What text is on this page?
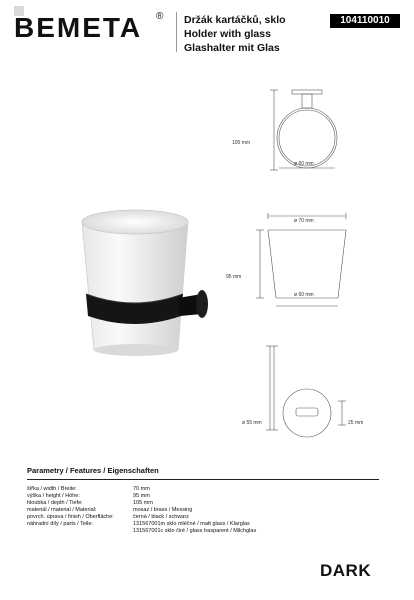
BEMETA ® Držák kartáčků, sklo
Holder with glass
Glashalter mit Glas
104110010
105 mm
ø 60 mm
ø 70 mm
95 mm
ø 60 mm
ø 55 mm	25 mm
Parametry / Features / Eigenschaften
šířka / width / Breite:	70 mm
výška / height / Höhe:	95 mm
hloubka / depth / Tiefe:	105 mm
materiál / material / Material:	mosaz / brass / Messing
povrch. úprava / finish / Oberfläche:	černá / black / schwarz
náhradní díly / parts / Teile:	131567001m sklo mléčné / matt glass / Klarglas
131567001c sklo čiré / glass trasparent / Milchglas
DARK
